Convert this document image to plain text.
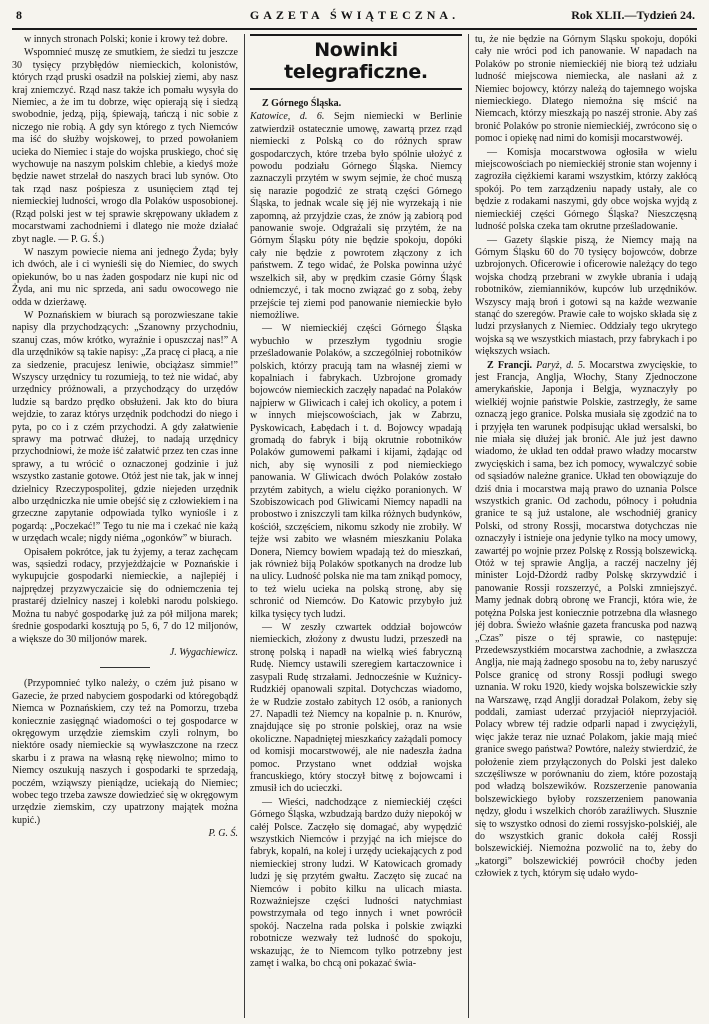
8	GAZETA ŚWIĄTECZNA.	Rok XLII.—Tydzień 24.

w innych stronach Polski; konie i krowy też dobre.

Wspomnieć muszę ze smutkiem, że siedzi tu jeszcze 30 tysięcy przybłędów niemieckich, kolonistów, których rząd pruski osadził na polskiej ziemi, aby nasz kraj zniemczyć. Rząd nasz także ich pomału wysyła do Niemiec, a że im tu dobrze, więc opierają się i siedzą swobodnie, jedzą, piją, śpiewają, tańczą i nic sobie z niczego nie robią. A gdy syn którego z tych Niemców ma iść do służby wojskowej, to przed powołaniem ucieka do Niemiec i staje do wojska pruskiego, choć się wychowuje na naszym polskim chlebie, a kiedyś może będzie nawet strzelał do naszych braci lub synów. Oto tak rząd nasz pośpiesza z usunięciem ztąd tej niemieckiej ludności, wrogo dla Polaków usposobionej. (Rząd polski jest w tej sprawie skrępowany układem z mocarstwami zachodniemi i dlatego nie może działać zbyt nagle. — P. G. Ś.)

W naszym powiecie niema ani jednego Żyda; były ich dwóch, ale i ci wynieśli się do Niemiec, do swych opiekunów, bo u nas żaden gospodarz nie kupi nic od Żyda, ani mu nic sprzeda, ani sadu owocowego nie odda w dzierżawę.

W Poznańskiem w biurach są porozwieszane takie napisy dla przychodzących: „Szanowny przychodniu, szanuj czas, mów krótko, wyraźnie i opuszczaj nas!” A dla urzędników są takie napisy: „Za pracę ci płacą, a nie za siedzenie, pracujesz leniwie, obciążasz simmie!” Wszyscy urzędnicy tu rozumieją, to też nie widać, aby urzędnicy próżnowali, a przychodzący do urzędów ludzie są bardzo prędko obsłużeni. Jak kto do biura wejdzie, to zaraz którys urzędnik podchodzi do niego i pyta, po co i z czém przychodzi. A gdy załatwienie sprawy ma potrwać dłużej, to nadają urzędnicy przychodniowi, że może iść załatwić przez ten czas inne sprawy, a tu wrócić o oznaczonej godzinie i już wszystko zastanie gotowe. Otóż jest nie tak, jak w innej dzielnicy Rzeczypospolitej, gdzie niejeden urzędnik albo urzędniczka nie umie obejść się z człowiekiem i na grzeczne zapytanie odpowiada tylko wyniośle i z pogardą: „Poczekać!” Tego tu nie ma i czekać nie każą w urzędach wcale; nigdy niéma „ogonków” w biurach.

Opisałem pokrótce, jak tu żyjemy, a teraz zachęcam was, sąsiedzi rodacy, przyjeżdżajcie w Poznańskie i wykupujcie gospodarki niemieckie, a najlepiéj i najprędzej przyzwyczaicie się do odniemczenia tej prastaréj dzielnicy naszej i kolebki narodu polskiego. Można tu nabyć gospodarkę już za pół miljona marek; średnie gospodarki kosztują po 5, 6, 7 do 12 miljonów, a większe do 30 miljonów marek.

J. Wygachiewicz.

(Przypomnieć tylko należy, o czém już pisano w Gazecie, że przed nabyciem gospodarki od któregobądź Niemca w Poznańskiem, czy też na Pomorzu, trzeba koniecznie zasięgnąć wiadomości o tej gospodarce w okręgowym urzędzie ziemskim czyli rolnym, bo niektóre osady niemieckie są wywłaszczone na rzecz skarbu i z prawa na własną rękę niewolno; mimo to Niemcy oszukują naszych i gospodarki te sprzedają, poczém, wziąwszy pieniądze, uciekają do Niemiec; wobec tego trzeba zawsze dowiedzieć się w okręgowym urzędzie ziemskim, czy upatrzony majątek można kupić.)

P. G. Ś.

Nowinki telegraficzne.

Z Górnego Śląska.

Katowice, d. 6. Sejm niemiecki w Berlinie zatwierdził ostatecznie umowę, zawartą przez rząd niemiecki z Polską co do różnych spraw gospodarczych, które trzeba było spólnie ułożyć z powodu podziału Górnego Śląska. Niemcy zaznaczyli przytém w swym sejmie, że choć muszą się narazie pogodzić ze stratą części Górnego Śląska, to jednak wcale się jéj nie wyrzekają i nie zapomną, aż przyjdzie czas, że znów ją zabiorą pod panowanie swoje. Odgrażali się przytém, że na Górnym Śląsku póty nie będzie spokoju, dopóki cały nie będzie z powrotem złączony z ich państwem. Z tego widać, że Polska powinna użyć wszelkich sił, aby w prędkim czasie Górny Śląsk odniemczyć, i tak mocno związać go z sobą, żeby przejście tej ziemi pod panowanie niemieckie było niemożliwe.

— W niemieckiéj części Górnego Śląska wybuchło w przeszłym tygodniu srogie prześladowanie Polaków, a szczególniej robotników polskich, którzy pracują tam na własnéj ziemi w kopalniach i fabrykach. Uzbrojone gromady bojowców niemieckich zaczęły napadać na Polaków najpierw w Gliwicach i całej ich okolicy, a potem i w innych miejscowościach, jak w Zabrzu, Pyskowicach, Łabędach i t. d. Bojowcy wpadają gromadą do fabryk i biją okrutnie robotników Polaków gumowemi pałkami i kijami, żądając od nich, aby się wynosili z pod niemieckiego panowania. W Gliwicach dwóch Polaków zostało przytém zabitych, a wielu ciężko poranionych. W Szobiszowicach pod Gliwicami Niemcy napadli na probostwo i zniszczyli tam kilka różnych budynków, kościół, szczęściem, nikomu szkody nie zrobiły. W tejże wsi zabito we własném mieszkaniu Polaka Donera, Niemcy bowiem wpadają też do mieszkań, jak również biją Polaków spotkanych na drodze lub na ulicy. Ludność polska nie ma tam znikąd pomocy, to też wielu ucieka na polską stronę, aby się schronić od Niemców. Do Katowic przybyło już kilka tysięcy tych ludzi.

— W zeszły czwartek oddział bojowców niemieckich, złożony z dwustu ludzi, przeszedł na stronę polską i napadł na wielką wieś fabryczną Rudę. Niemcy ustawili szeregiem kartaczownice i zasypali Rudę strzałami. Jednocześnie w Kuźnicy-Rudzkiéj opanowali szpital. Dotychczas wiadomo, że w Rudzie zostało zabitych 12 osób, a ranionych 27. Napadli też Niemcy na kopalnie p. n. Knurów, znajdujące się po stronie polskiej, oraz na wsie okoliczne. Napadniętej mieszkańcy zażądali pomocy od komisji mocarstwowéj, ale nie nadeszła żadna pomoc. Przystano wnet oddział wojska francuskiego, który stoczył bitwę z bojowcami i zmusił ich do ucieczki.

— Wieści, nadchodzące z niemieckiéj części Górnego Śląska, wzbudzają bardzo duży niepokój w całéj Polsce. Zaczęło się domagać, aby wypędzić wszystkich Niemców i przyjąć na ich miejsce do fabryk, kopalń, na kolej i urzędy uciekających z pod niemieckiej strony ludzi. W Katowicach gromady ludzi ję się przytém gwałtu. Zaczęto się zucać na Niemców i pobito kilku na ulicach miasta. Rozważniejsze części ludności natychmiast powstrzymała od tego innych i wnet powrócił spokój. Naczelna rada polska i polskie związki robotnicze wezwały też ludność do spokoju, wskazując, że to Niemcom tylko potrzebny jest zamęt i walka, bo chcą oni pokazać świa-

tu, że nie będzie na Górnym Śląsku spokoju, dopóki cały nie wróci pod ich panowanie. W napadach na Polaków po stronie niemieckiéj nie biorą też udziału ludność miejscowa niemiecka, ale nasłani aż z Niemiec bojowcy, którzy należą do tajemnego wojska niemieckiego. Dlatego niemożna się mścić na Niemcach, którzy mieszkają po naszéj stronie. Aby zaś bronić Polaków po stronie niemieckiéj, zwrócono się o pomoc i opiekę nad nimi do komisji mocarstwowéj.

— Komisja mocarstwowa ogłosiła w wielu miejscowościach po niemieckiéj stronie stan wojenny i zagroziła ciężkiemi karami wszystkim, którzy zakłócą spokój. Po tem zarządzeniu napady ustały, ale co będzie z rodakami naszymi, gdy obce wojska wyjdą z niemieckiéj części Górnego Śląska? Nieszczęsną ludność polska czeka tam okrutne prześladowanie.

— Gazety śląskie piszą, że Niemcy mają na Górnym Śląsku 60 do 70 tysięcy bojowców, dobrze uzbrojonych. Oficerowie i oficerowie należący do tego wojska chodzą przebrani w zwykłe ubrania i udają robotników, ziemianników, kupców lub urzędników. Wszyscy mają broń i gotowi są na każde wezwanie stanąć do szeregów. Prawie całe to wojsko składa się z ludzi przysłanych z Niemiec. Oddziały tego ukrytego wojska są we wszystkich miastach, przy fabrykach i po większych wsiach.

Z Francji. Paryż, d. 5. Mocarstwa zwycięskie, to jest Francja, Anglja, Włochy, Stany Zjednoczone amerykańskie, Japonja i Belgja, wyznaczyły po wielkiéj wojnie państwie Polskie, zastrzegły, że same oznaczą jego granice. Polska musiała się zgodzić na to i przyjęła ten warunek podpisując układ wersalski, bo nie miała się dłużej jak bronić. Ale już jest dawno wiadomo, że układ ten oddał prawo władzy mocarstw zwycięskich i sama, bez ich pomocy, wywalczyć sobie od sąsiadów należne granice. Układ ten obowiązuje do dziś dnia i mocarstwa mają prawo do uznania Polsce wszystkich granic. Od zachodu, północy i południa granice te są już ustalone, ale wschodniéj granicy Polski, od strony Rossji, mocarstwa dotychczas nie oznaczyły i istnieje ona jedynie tylko na mocy umowy, zawartéj po wojnie przez Polskę z Rossją bolszewicką. Otóż w tej sprawie Anglja, a raczéj naczelny jéj minister Lojd-Dżordż radby Polskę skrzywdzić i panowanie Rossji rozszerzyć, a Polski zmniejszyć. Mamy jednak dobrą obronę we Francji, która wie, że potężna Polska jest koniecznie potrzebna dla własnego jéj dobra. Świeżo właśnie gazeta francuska pod nazwą „Czas” pisze o téj sprawie, co następuje: Przedewszystkiém mocarstwa zachodnie, a zwłaszcza Anglja, nie mają żadnego sposobu na to, żeby naruszyć Polsce granicę od strony Rossji podługi swego uznania. W roku 1920, kiedy wojska bolszewickie szły na Warszawę, rząd Anglji doradzał Polakom, żeby się poddali, zamiast uderzać przyjaciół nieprzyjaciół. Polacy wbrew téj radzie odparli napad i zwyciężyli, więc jakże teraz nie uznać Polakom, jakie mają mieć granice swego państwa? Powtóre, należy stwierdzić, że położenie ziem przyłączonych do Polski jest daleko szczęśliwsze w porównaniu do ziem, które pozostają pod władzą bolszewików. Rozszerzenie panowania bolszewickiego byłoby rozszerzeniem panowania nędzy, głodu i wszelkich chorób zaraźliwych. Słusznie się to wszystko odnosi do ziemi rossyjsko-polskiéj, ale do wszystkich granic dokoła całéj Rossji bolszewickiéj. Niemożna pozwolić na to, żeby do „katorgi” bolszewickiéj powrócił choćby jeden człowiek z tych, którym się udało wydo-
